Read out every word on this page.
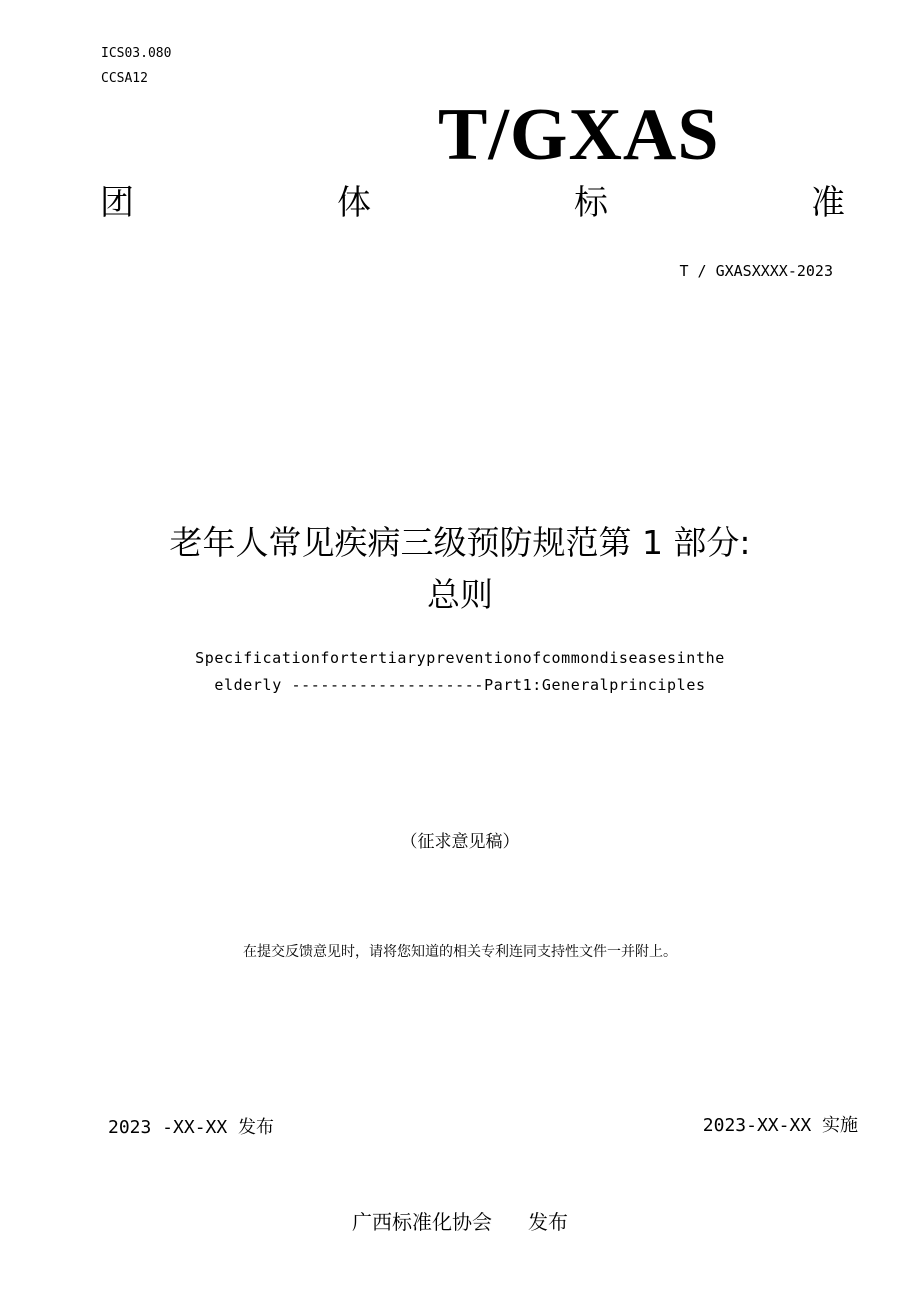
ICS03.080
CCSA12
T/GXAS
团	体	标	准
T / GXASXXXX-2023
老年人常见疾病三级预防规范第 1 部分:
总则
Specificationfortertiarypreventionofcommondiseasesinthe
elderly --------------------Part1:Generalprinciples
（征求意见稿）
在提交反馈意见时，请将您知道的相关专利连同支持性文件一并附上。
2023 -XX-XX 发布	2023-XX-XX 实施
广西标准化协会 发布
